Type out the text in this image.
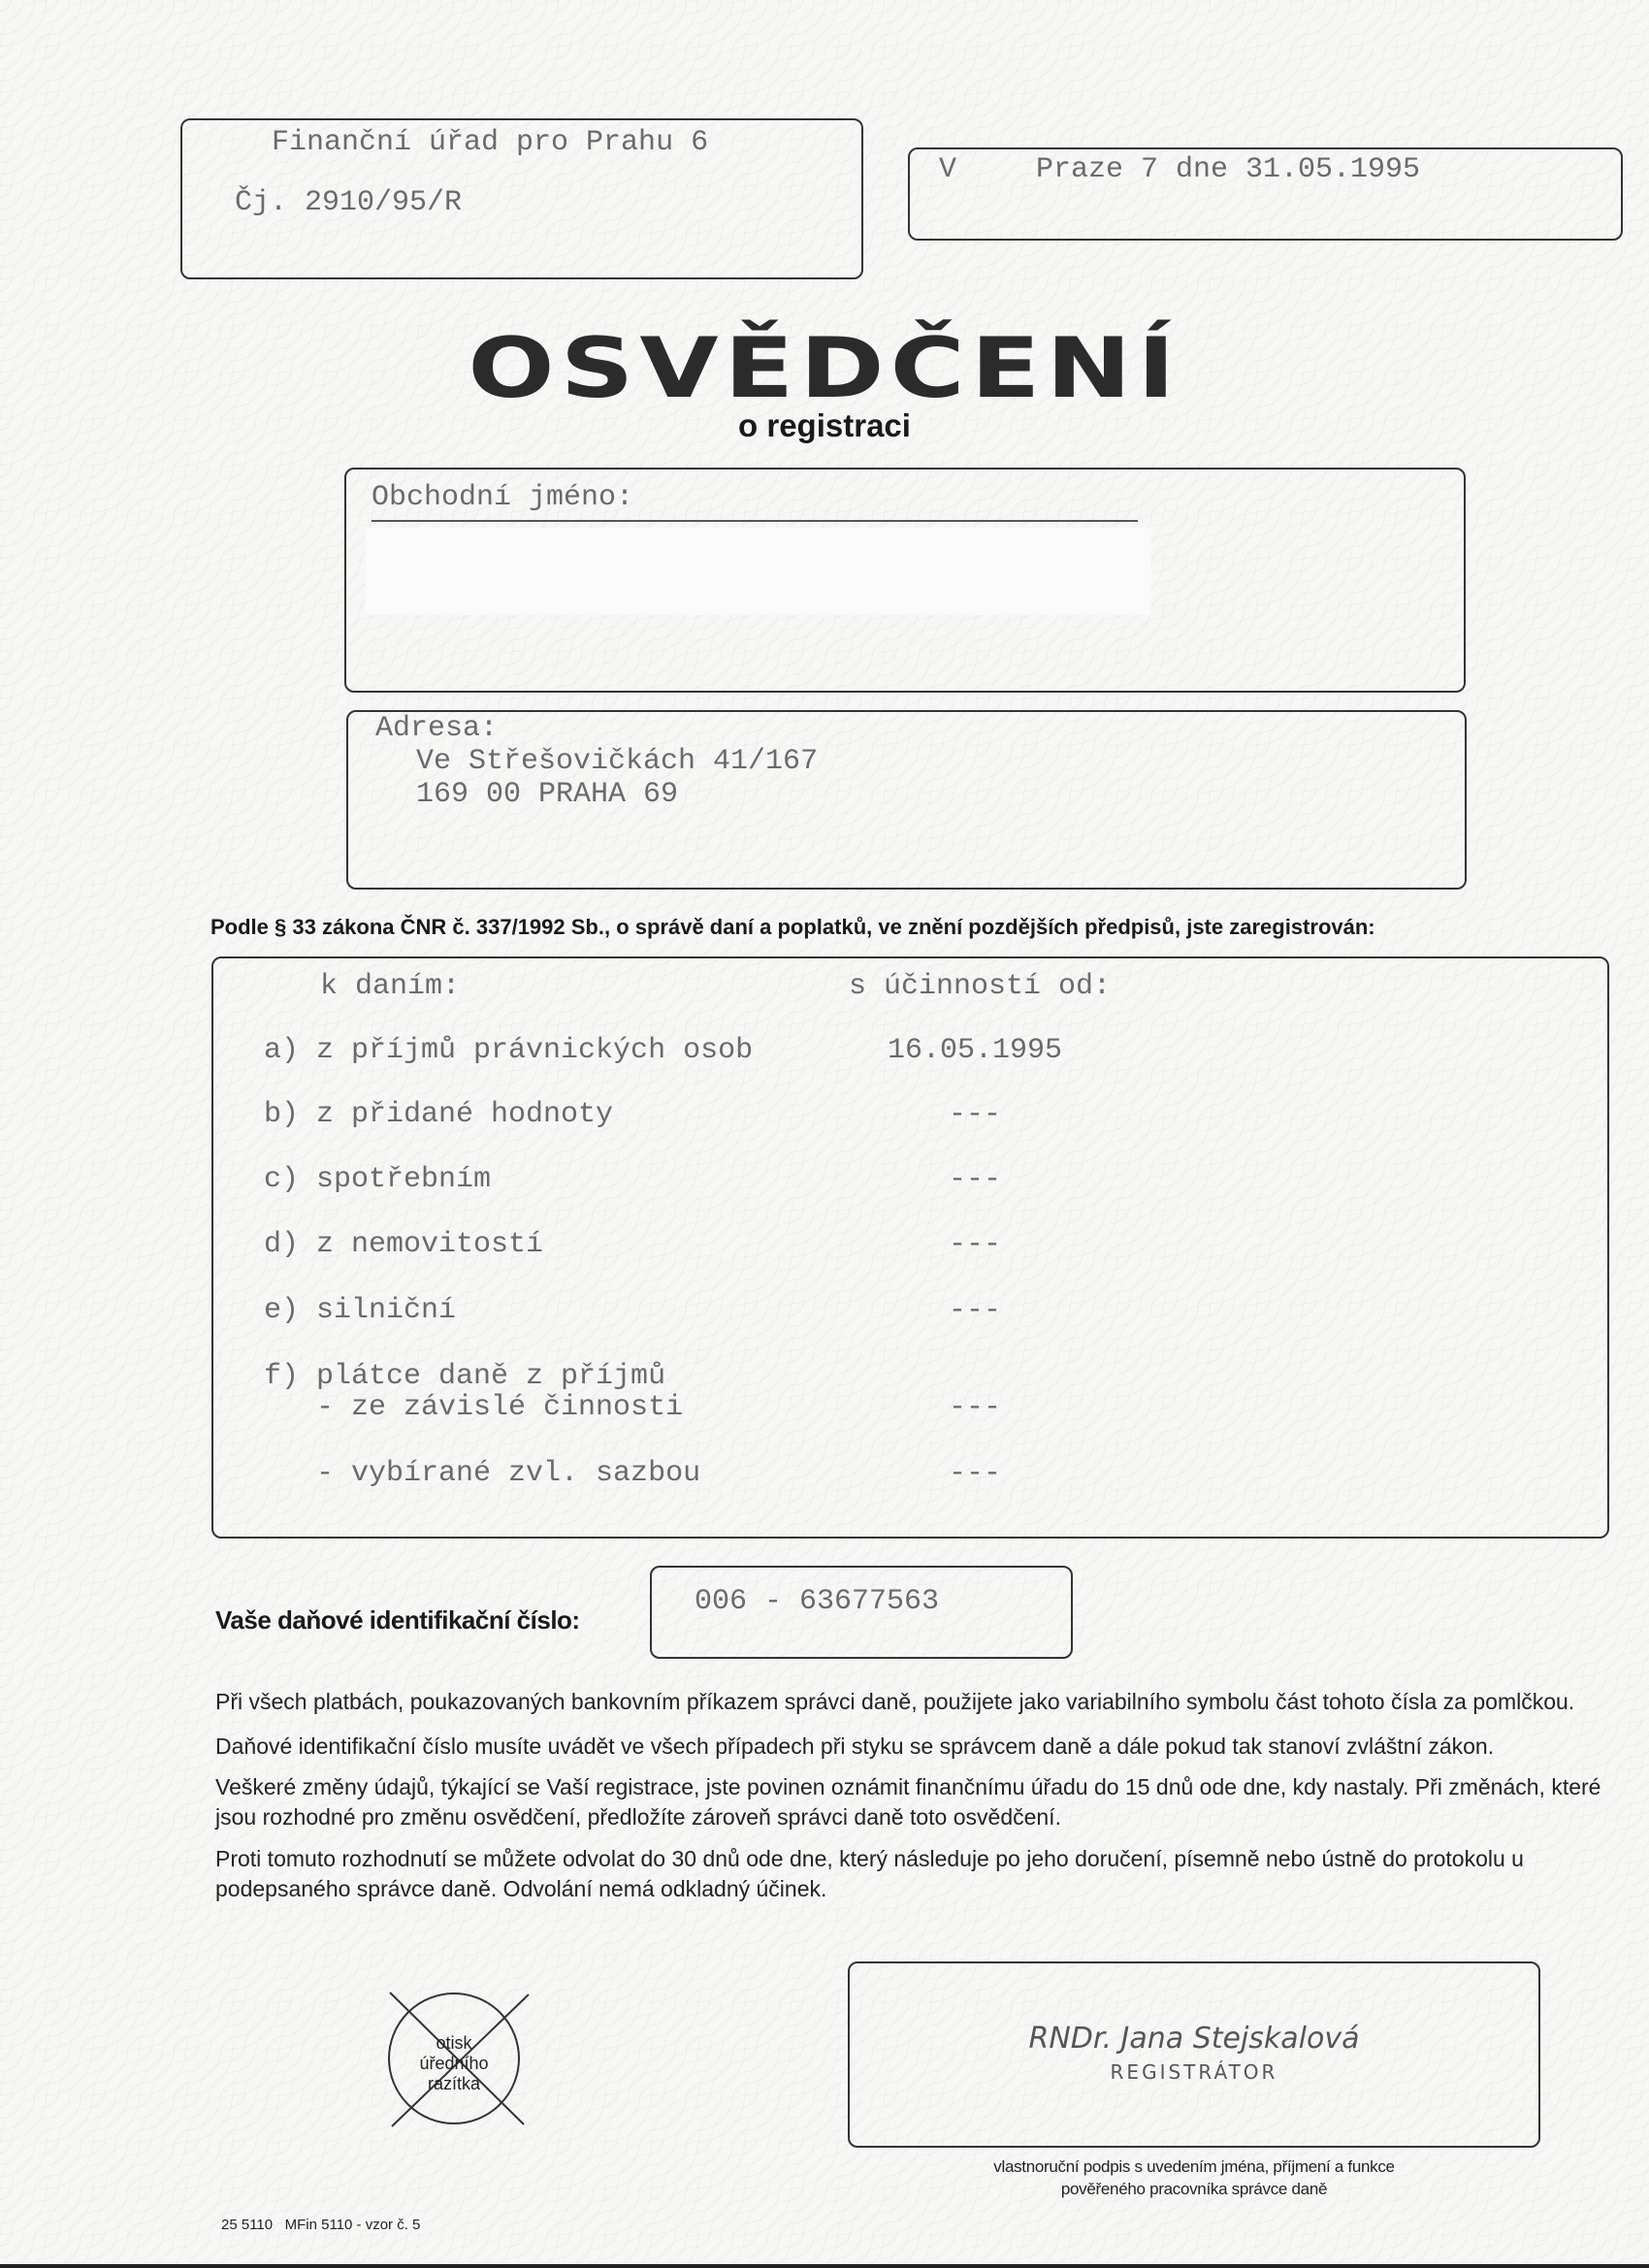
Finanční úřad pro Prahu 6
Čj. 2910/95/R
V	Praze 7 dne 31.05.1995
OSVĚDČENÍ
o registraci
Obchodní jméno:
Adresa:
Ve Střešovičkách 41/167
169 00 PRAHA 69
Podle § 33 zákona ČNR č. 337/1992 Sb., o správě daní a poplatků, ve znění pozdějších předpisů, jste zaregistrován:
k daním:	s účinností od:
a) z příjmů právnických osob	16.05.1995
b) z přidané hodnoty	---
c) spotřebním	---
d) z nemovitostí	---
e) silniční	---
f) plátce daně z příjmů
- ze závislé činnosti	---
- vybírané zvl. sazbou	---
Vaše daňové identifikační číslo:
006 - 63677563
Při všech platbách, poukazovaných bankovním příkazem správci daně, použijete jako variabilního symbolu část tohoto čísla za pomlčkou.
Daňové identifikační číslo musíte uvádět ve všech případech při styku se správcem daně a dále pokud tak stanoví zvláštní zákon.
Veškeré změny údajů, týkající se Vaší registrace, jste povinen oznámit finančnímu úřadu do 15 dnů ode dne, kdy nastaly. Při změnách, které jsou rozhodné pro změnu osvědčení, předložíte zároveň správci daně toto osvědčení.
Proti tomuto rozhodnutí se můžete odvolat do 30 dnů ode dne, který následuje po jeho doručení, písemně nebo ústně do protokolu u podepsaného správce daně. Odvolání nemá odkladný účinek.
otisk
úředního
razítka
RNDr. Jana Stejskalová
REGISTRÁTOR
vlastnoruční podpis s uvedením jména, příjmení a funkce
pověřeného pracovníka správce daně
25 5110   MFin 5110 - vzor č. 5
